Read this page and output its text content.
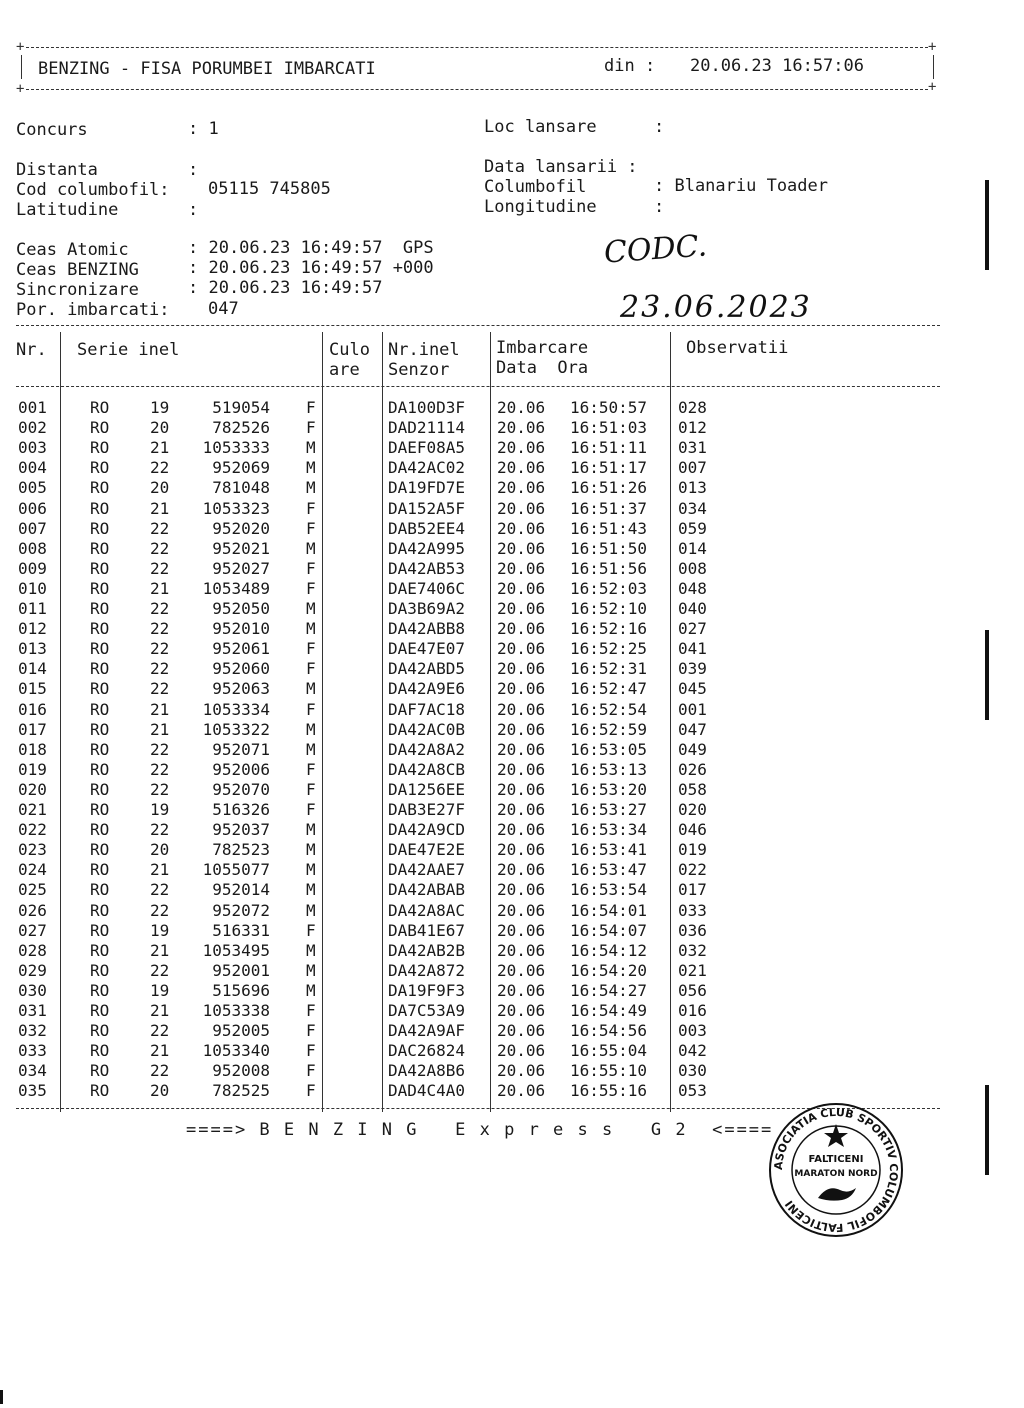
+	+
BENZING - FISA PORUMBEI IMBARCATI	din : 20.06.23 16:57:06
+	+
Concurs	: 1	Loc lansare	:
Distanta	:	Data lansarii :
Cod columbofil: 05115 745805	Columbofil	: Blanariu Toader
Latitudine	:	Longitudine	:
Ceas Atomic	: 20.06.23 16:49:57  GPS
Ceas BENZING	: 20.06.23 16:49:57 +000
Sincronizare	: 20.06.23 16:49:57
Por. imbarcati: 047
CODC.
23.06.2023
Nr. Serie inel	Culo
are
Nr.inel
Senzor
Imbarcare
Data  Ora
Observatii
001	RO	19	519054 F	DA100D3F 20.06 16:50:57 028
002	RO	20	782526 F	DAD21114 20.06 16:51:03 012
003	RO	21	1053333 M	DAEF08A5 20.06 16:51:11 031
004	RO	22	952069 M	DA42AC02 20.06 16:51:17 007
005	RO	20	781048 M	DA19FD7E 20.06 16:51:26 013
006	RO	21	1053323 F	DA152A5F 20.06 16:51:37 034
007	RO	22	952020 F	DAB52EE4 20.06 16:51:43 059
008	RO	22	952021 M	DA42A995 20.06 16:51:50 014
009	RO	22	952027 F	DA42AB53 20.06 16:51:56 008
010	RO	21	1053489 F	DAE7406C 20.06 16:52:03 048
011	RO	22	952050 M	DA3B69A2 20.06 16:52:10 040
012	RO	22	952010 M	DA42ABB8 20.06 16:52:16 027
013	RO	22	952061 F	DAE47E07 20.06 16:52:25 041
014	RO	22	952060 F	DA42ABD5 20.06 16:52:31 039
015	RO	22	952063 M	DA42A9E6 20.06 16:52:47 045
016	RO	21	1053334 F	DAF7AC18 20.06 16:52:54 001
017	RO	21	1053322 M	DA42AC0B 20.06 16:52:59 047
018	RO	22	952071 M	DA42A8A2 20.06 16:53:05 049
019	RO	22	952006 F	DA42A8CB 20.06 16:53:13 026
020	RO	22	952070 F	DA1256EE 20.06 16:53:20 058
021	RO	19	516326 F	DAB3E27F 20.06 16:53:27 020
022	RO	22	952037 M	DA42A9CD 20.06 16:53:34 046
023	RO	20	782523 M	DAE47E2E 20.06 16:53:41 019
024	RO	21	1055077 M	DA42AAE7 20.06 16:53:47 022
025	RO	22	952014 M	DA42ABAB 20.06 16:53:54 017
026	RO	22	952072 M	DA42A8AC 20.06 16:54:01 033
027	RO	19	516331 F	DAB41E67 20.06 16:54:07 036
028	RO	21	1053495 M	DA42AB2B 20.06 16:54:12 032
029	RO	22	952001 M	DA42A872 20.06 16:54:20 021
030	RO	19	515696 M	DA19F9F3 20.06 16:54:27 056
031	RO	21	1053338 F	DA7C53A9 20.06 16:54:49 016
032	RO	22	952005 F	DA42A9AF 20.06 16:54:56 003
033	RO	21	1053340 F	DAC26824 20.06 16:55:04 042
034	RO	22	952008 F	DA42A8B6 20.06 16:55:10 030
035	RO	20	782525 F	DAD4C4A0 20.06 16:55:16 053
====> B E N Z I N G   E x p r e s s   G 2  <====
ASOCIATIA CLUB SPORTIV COLUMBOFIL FALTICENI
FALTICENI
MARATON NORD
